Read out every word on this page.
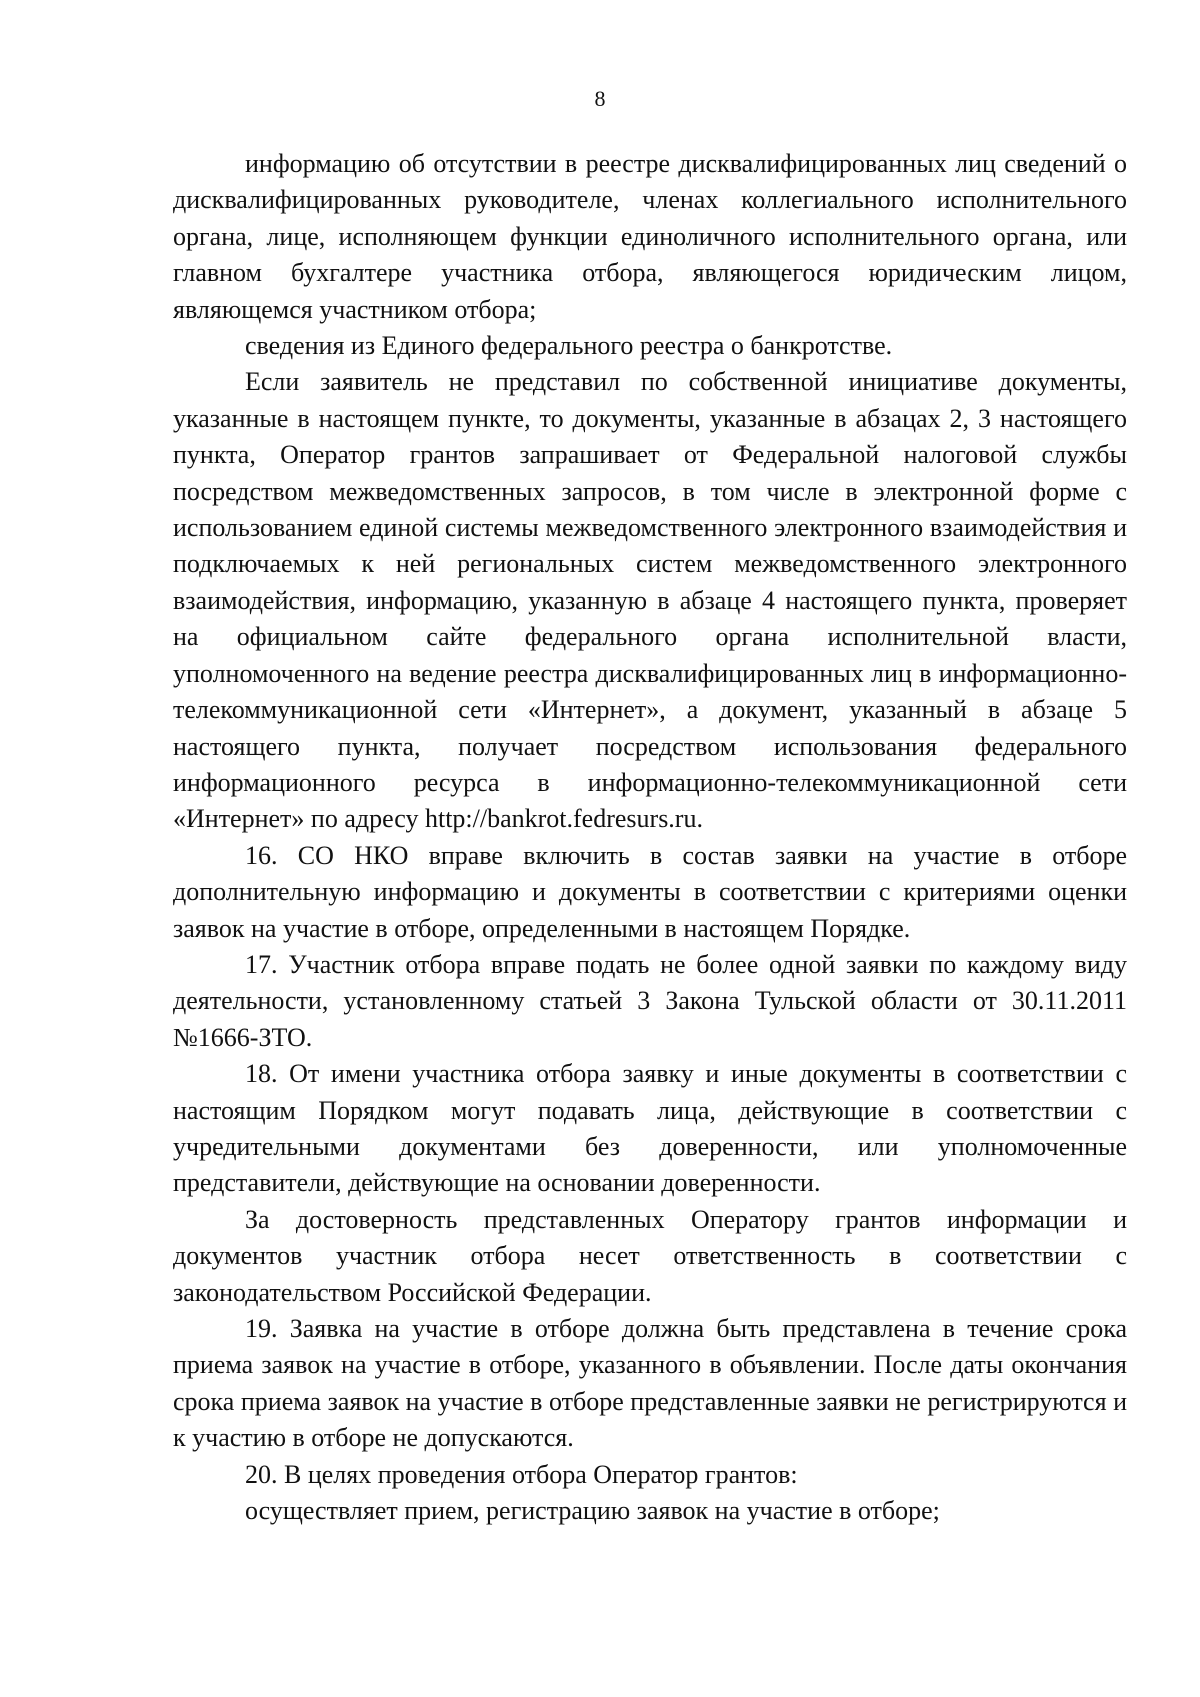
8

информацию об отсутствии в реестре дисквалифицированных лиц сведений о дисквалифицированных руководителе, членах коллегиального исполнительного органа, лице, исполняющем функции единоличного исполнительного органа, или главном бухгалтере участника отбора, являющегося юридическим лицом, являющемся участником отбора;

сведения из Единого федерального реестра о банкротстве.

Если заявитель не представил по собственной инициативе документы, указанные в настоящем пункте, то документы, указанные в абзацах 2, 3 настоящего пункта, Оператор грантов запрашивает от Федеральной налоговой службы посредством межведомственных запросов, в том числе в электронной форме с использованием единой системы межведомственного электронного взаимодействия и подключаемых к ней региональных систем межведомственного электронного взаимодействия, информацию, указанную в абзаце 4 настоящего пункта, проверяет на официальном сайте федерального органа исполнительной власти, уполномоченного на ведение реестра дисквалифицированных лиц в информационно-телекоммуникационной сети «Интернет», а документ, указанный в абзаце 5 настоящего пункта, получает посредством использования федерального информационного ресурса в информационно-телекоммуникационной сети «Интернет» по адресу http://bankrot.fedresurs.ru.

16. СО НКО вправе включить в состав заявки на участие в отборе дополнительную информацию и документы в соответствии с критериями оценки заявок на участие в отборе, определенными в настоящем Порядке.

17. Участник отбора вправе подать не более одной заявки по каждому виду деятельности, установленному статьей 3 Закона Тульской области от 30.11.2011 №1666-ЗТО.

18. От имени участника отбора заявку и иные документы в соответствии с настоящим Порядком могут подавать лица, действующие в соответствии с учредительными документами без доверенности, или уполномоченные представители, действующие на основании доверенности.

За достоверность представленных Оператору грантов информации и документов участник отбора несет ответственность в соответствии с законодательством Российской Федерации.

19. Заявка на участие в отборе должна быть представлена в течение срока приема заявок на участие в отборе, указанного в объявлении. После даты окончания срока приема заявок на участие в отборе представленные заявки не регистрируются и к участию в отборе не допускаются.

20. В целях проведения отбора Оператор грантов:

осуществляет прием, регистрацию заявок на участие в отборе;
